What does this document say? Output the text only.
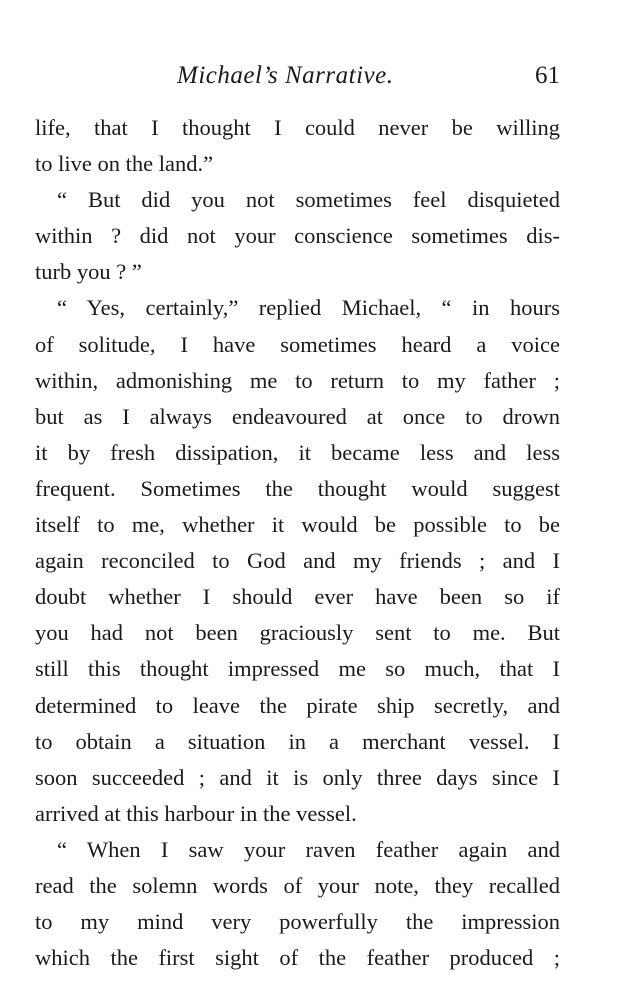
Michael’s Narrative.	61
life, that I thought I could never be willing
to live on the land.”
“ But did you not sometimes feel disquieted
within ? did not your conscience sometimes dis-
turb you ? ”
“ Yes, certainly,” replied Michael, “ in hours
of solitude, I have sometimes heard a voice
within, admonishing me to return to my father ;
but as I always endeavoured at once to drown
it by fresh dissipation, it became less and less
frequent. Sometimes the thought would suggest
itself to me, whether it would be possible to be
again reconciled to God and my friends ; and I
doubt whether I should ever have been so if
you had not been graciously sent to me. But
still this thought impressed me so much, that I
determined to leave the pirate ship secretly, and
to obtain a situation in a merchant vessel. I
soon succeeded ; and it is only three days since I
arrived at this harbour in the vessel.
“ When I saw your raven feather again and
read the solemn words of your note, they recalled
to my mind very powerfully the impression
which the first sight of the feather produced ;
